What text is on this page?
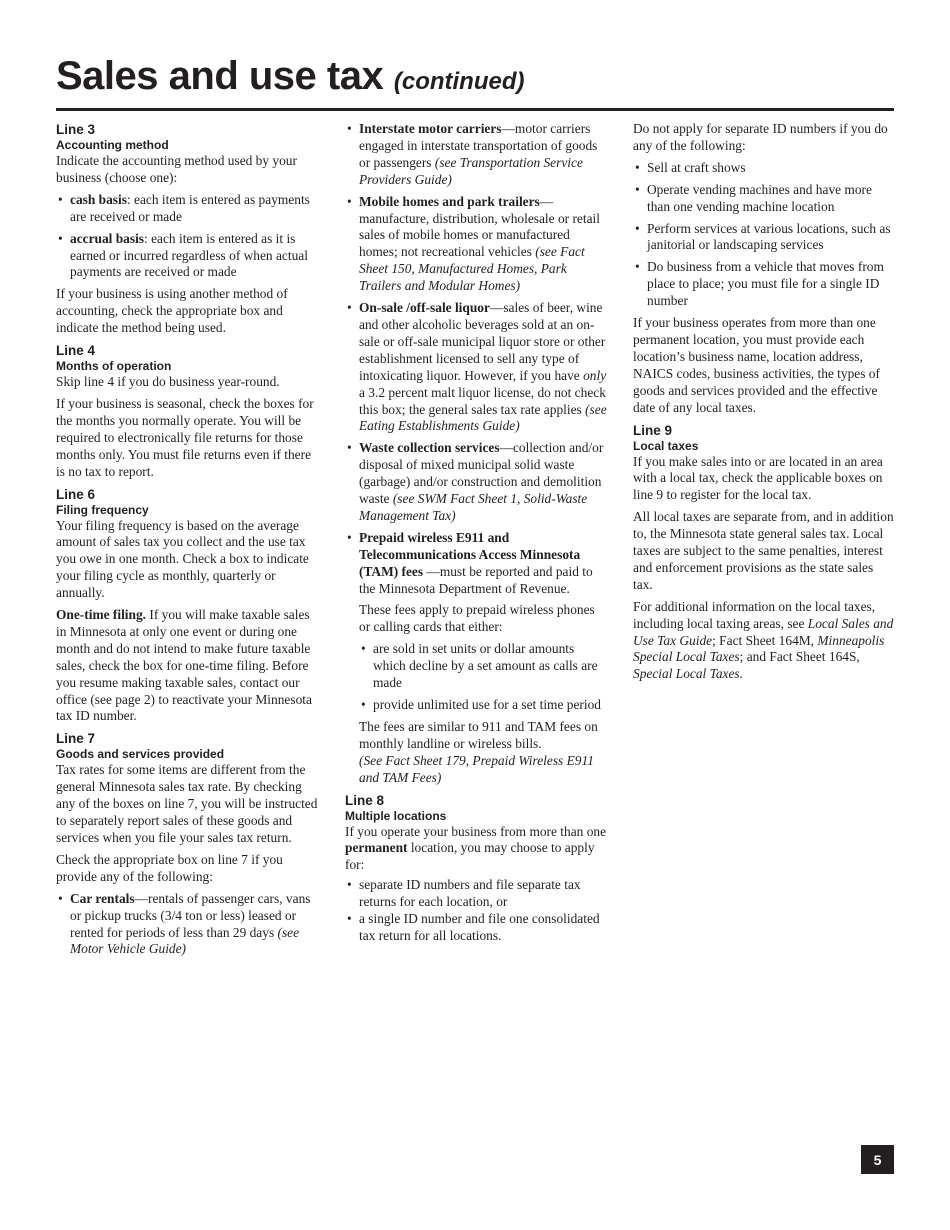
Sales and use tax (continued)
Line 3
Accounting method

Indicate the accounting method used by your business (choose one):

• cash basis: each item is entered as payments are received or made
• accrual basis: each item is entered as it is earned or incurred regardless of when actual payments are received or made

If your business is using another method of accounting, check the appropriate box and indicate the method being used.

Line 4
Months of operation

Skip line 4 if you do business year-round.

If your business is seasonal, check the boxes for the months you normally operate. You will be required to electronically file returns for those months only. You must file returns even if there is no tax to report.

Line 6
Filing frequency

Your filing frequency is based on the average amount of sales tax you collect and the use tax you owe in one month. Check a box to indicate your filing cycle as monthly, quarterly or annually.

One-time filing. If you will make taxable sales in Minnesota at only one event or during one month and do not intend to make future taxable sales, check the box for one-time filing. Before you resume making taxable sales, contact our office (see page 2) to reactivate your Minnesota tax ID number.

Line 7
Goods and services provided

Tax rates for some items are different from the general Minnesota sales tax rate. By checking any of the boxes on line 7, you will be instructed to separately report sales of these goods and services when you file your sales tax return.

Check the appropriate box on line 7 if you provide any of the following:

• Car rentals—rentals of passenger cars, vans or pickup trucks (3/4 ton or less) leased or rented for periods of less than 29 days (see Motor Vehicle Guide)
• Interstate motor carriers—motor carriers engaged in interstate transportation of goods or passengers (see Transportation Service Providers Guide)
• Mobile homes and park trailers—manufacture, distribution, wholesale or retail sales of mobile homes or manufactured homes; not recreational vehicles (see Fact Sheet 150, Manufactured Homes, Park Trailers and Modular Homes)
• On-sale /off-sale liquor—sales of beer, wine and other alcoholic beverages sold at an on-sale or off-sale municipal liquor store or other establishment licensed to sell any type of intoxicating liquor. However, if you have only a 3.2 percent malt liquor license, do not check this box; the general sales tax rate applies (see Eating Establishments Guide)
• Waste collection services—collection and/or disposal of mixed municipal solid waste (garbage) and/or construction and demolition waste (see SWM Fact Sheet 1, Solid-Waste Management Tax)
• Prepaid wireless E911 and Telecommunications Access Minnesota (TAM) fees —must be reported and paid to the Minnesota Department of Revenue.

These fees apply to prepaid wireless phones or calling cards that either:

• are sold in set units or dollar amounts which decline by a set amount as calls are made
• provide unlimited use for a set time period

The fees are similar to 911 and TAM fees on monthly landline or wireless bills.
(See Fact Sheet 179, Prepaid Wireless E911 and TAM Fees)

Line 8
Multiple locations

If you operate your business from more than one permanent location, you may choose to apply for:

• separate ID numbers and file separate tax returns for each location, or
• a single ID number and file one consolidated tax return for all locations.

Do not apply for separate ID numbers if you do any of the following:

• Sell at craft shows
• Operate vending machines and have more than one vending machine location
• Perform services at various locations, such as janitorial or landscaping services
• Do business from a vehicle that moves from place to place; you must file for a single ID number

If your business operates from more than one permanent location, you must provide each location’s business name, location address, NAICS codes, business activities, the types of goods and services provided and the effective date of any local taxes.

Line 9
Local taxes

If you make sales into or are located in an area with a local tax, check the applicable boxes on line 9 to register for the local tax.

All local taxes are separate from, and in addition to, the Minnesota state general sales tax. Local taxes are subject to the same penalties, interest and enforcement provisions as the state sales tax.

For additional information on the local taxes, including local taxing areas, see Local Sales and Use Tax Guide; Fact Sheet 164M, Minneapolis Special Local Taxes; and Fact Sheet 164S, Special Local Taxes.

5
